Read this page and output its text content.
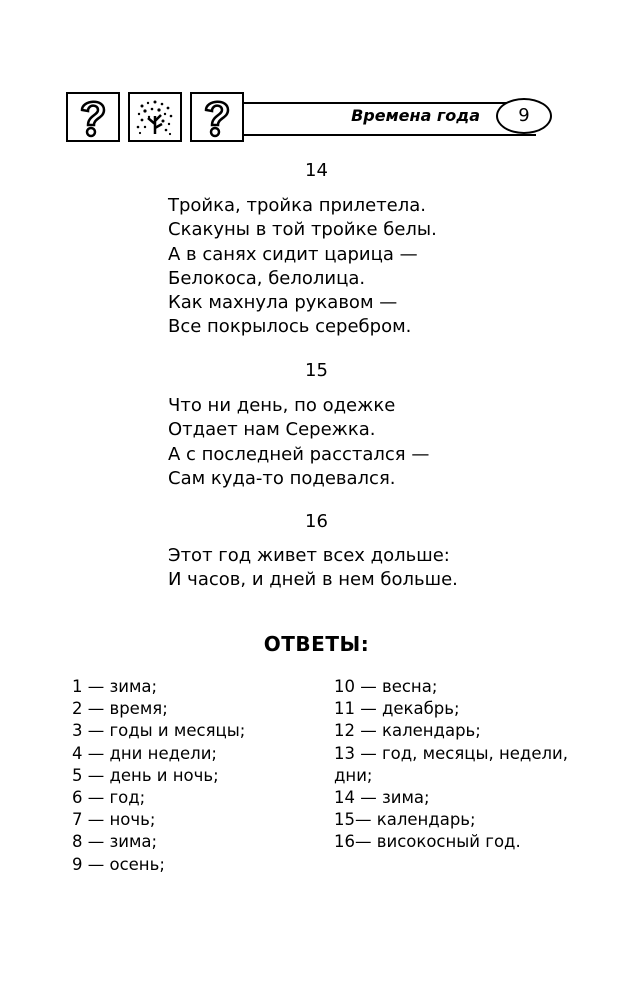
Времена года	9
14
Тройка, тройка прилетела.
Скакуны в той тройке белы.
А в санях сидит царица —
Белокоса, белолица.
Как махнула рукавом —
Все покрылось серебром.
15
Что ни день, по одежке
Отдает нам Сережка.
А с последней расстался —
Сам куда-то подевался.
16
Этот год живет всех дольше:
И часов, и дней в нем больше.
ОТВЕТЫ:
1 — зима;
2 — время;
3 — годы и месяцы;
4 — дни недели;
5 — день и ночь;
6 — год;
7 — ночь;
8 — зима;
9 — осень;
10 — весна;
11 — декабрь;
12 — календарь;
13 — год, месяцы, недели,
дни;
14 — зима;
15— календарь;
16— високосный год.
